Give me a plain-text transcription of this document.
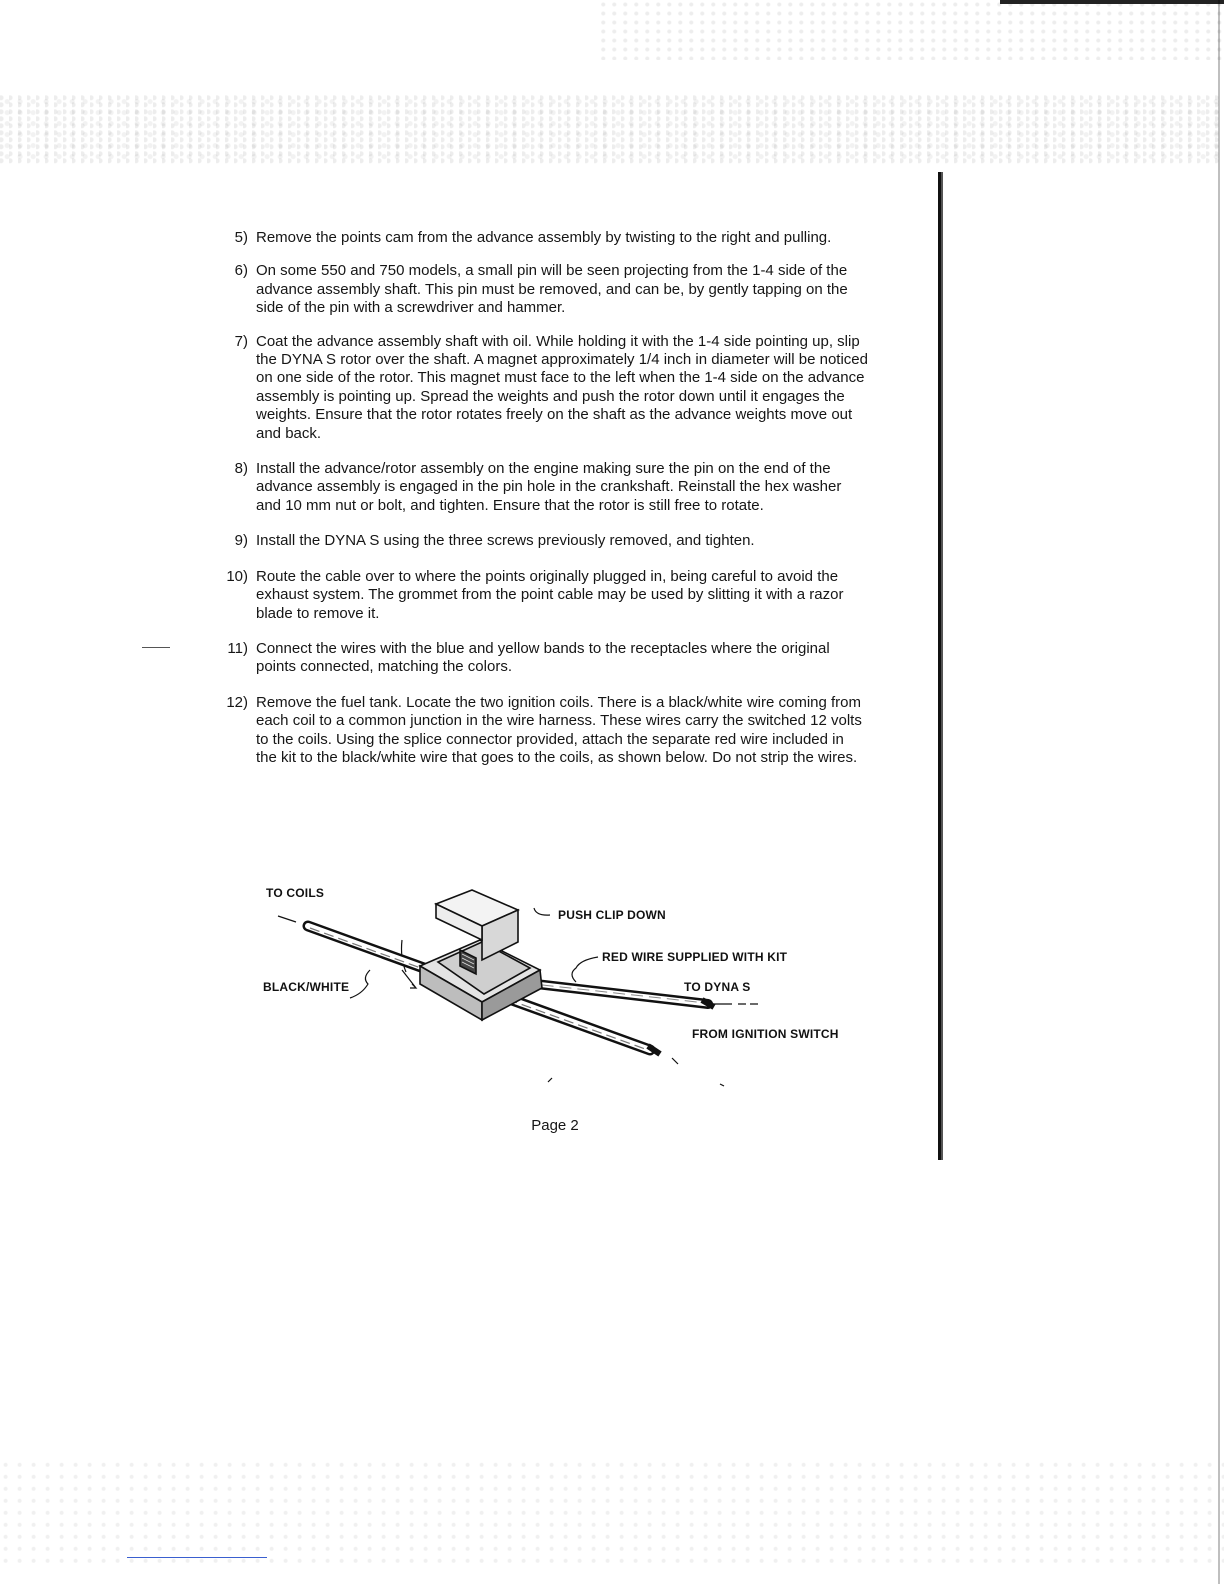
5) Remove the points cam from the advance assembly by twisting to the right and pulling.
6) On some 550 and 750 models, a small pin will be seen projecting from the 1-4 side of the advance assembly shaft. This pin must be removed, and can be, by gently tapping on the side of the pin with a screwdriver and hammer.
7) Coat the advance assembly shaft with oil. While holding it with the 1-4 side pointing up, slip the DYNA S rotor over the shaft. A magnet approximately 1/4 inch in diameter will be noticed on one side of the rotor. This magnet must face to the left when the 1-4 side on the advance assembly is pointing up. Spread the weights and push the rotor down until it engages the weights. Ensure that the rotor rotates freely on the shaft as the advance weights move out and back.
8) Install the advance/rotor assembly on the engine making sure the pin on the end of the advance assembly is engaged in the pin hole in the crankshaft. Reinstall the hex washer and 10 mm nut or bolt, and tighten. Ensure that the rotor is still free to rotate.
9) Install the DYNA S using the three screws previously removed, and tighten.
10) Route the cable over to where the points originally plugged in, being careful to avoid the exhaust system. The grommet from the point cable may be used by slitting it with a razor blade to remove it.
11) Connect the wires with the blue and yellow bands to the receptacles where the original points connected, matching the colors.
12) Remove the fuel tank. Locate the two ignition coils. There is a black/white wire coming from each coil to a common junction in the wire harness. These wires carry the switched 12 volts to the coils. Using the splice connector provided, attach the separate red wire included in the kit to the black/white wire that goes to the coils, as shown below. Do not strip the wires.
TO COILS
BLACK/WHITE
PUSH CLIP DOWN
RED WIRE SUPPLIED WITH KIT
TO DYNA S
FROM IGNITION SWITCH
Page 2
